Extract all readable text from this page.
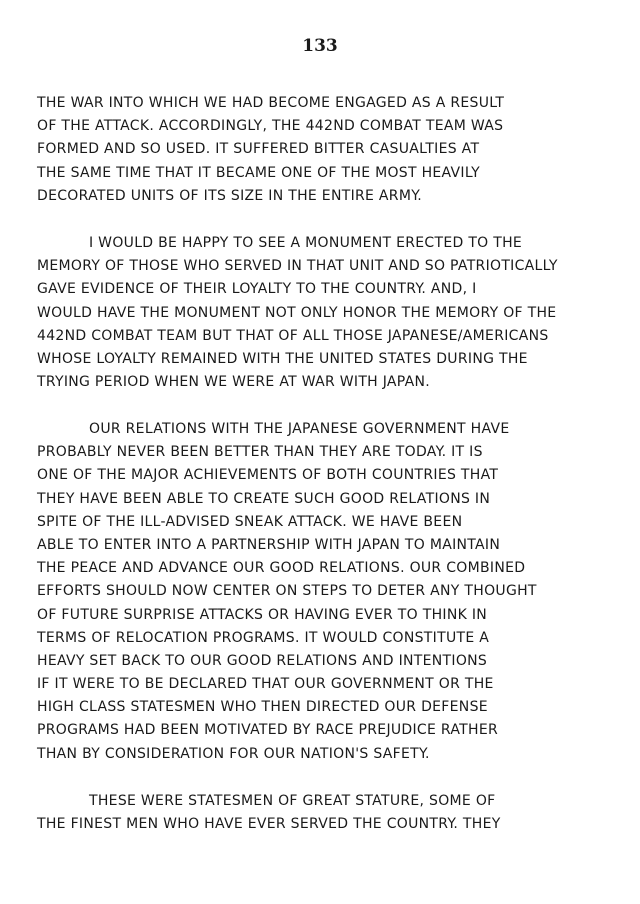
133
THE WAR INTO WHICH WE HAD BECOME ENGAGED AS A RESULT
OF THE ATTACK. ACCORDINGLY, THE 442ND COMBAT TEAM WAS
FORMED AND SO USED. IT SUFFERED BITTER CASUALTIES AT
THE SAME TIME THAT IT BECAME ONE OF THE MOST HEAVILY
DECORATED UNITS OF ITS SIZE IN THE ENTIRE ARMY.
I WOULD BE HAPPY TO SEE A MONUMENT ERECTED TO THE
MEMORY OF THOSE WHO SERVED IN THAT UNIT AND SO PATRIOTICALLY
GAVE EVIDENCE OF THEIR LOYALTY TO THE COUNTRY. AND, I
WOULD HAVE THE MONUMENT NOT ONLY HONOR THE MEMORY OF THE
442ND COMBAT TEAM BUT THAT OF ALL THOSE JAPANESE/AMERICANS
WHOSE LOYALTY REMAINED WITH THE UNITED STATES DURING THE
TRYING PERIOD WHEN WE WERE AT WAR WITH JAPAN.
OUR RELATIONS WITH THE JAPANESE GOVERNMENT HAVE
PROBABLY NEVER BEEN BETTER THAN THEY ARE TODAY. IT IS
ONE OF THE MAJOR ACHIEVEMENTS OF BOTH COUNTRIES THAT
THEY HAVE BEEN ABLE TO CREATE SUCH GOOD RELATIONS IN
SPITE OF THE ILL-ADVISED SNEAK ATTACK. WE HAVE BEEN
ABLE TO ENTER INTO A PARTNERSHIP WITH JAPAN TO MAINTAIN
THE PEACE AND ADVANCE OUR GOOD RELATIONS. OUR COMBINED
EFFORTS SHOULD NOW CENTER ON STEPS TO DETER ANY THOUGHT
OF FUTURE SURPRISE ATTACKS OR HAVING EVER TO THINK IN
TERMS OF RELOCATION PROGRAMS. IT WOULD CONSTITUTE A
HEAVY SET BACK TO OUR GOOD RELATIONS AND INTENTIONS
IF IT WERE TO BE DECLARED THAT OUR GOVERNMENT OR THE
HIGH CLASS STATESMEN WHO THEN DIRECTED OUR DEFENSE
PROGRAMS HAD BEEN MOTIVATED BY RACE PREJUDICE RATHER
THAN BY CONSIDERATION FOR OUR NATION'S SAFETY.
THESE WERE STATESMEN OF GREAT STATURE, SOME OF
THE FINEST MEN WHO HAVE EVER SERVED THE COUNTRY. THEY
